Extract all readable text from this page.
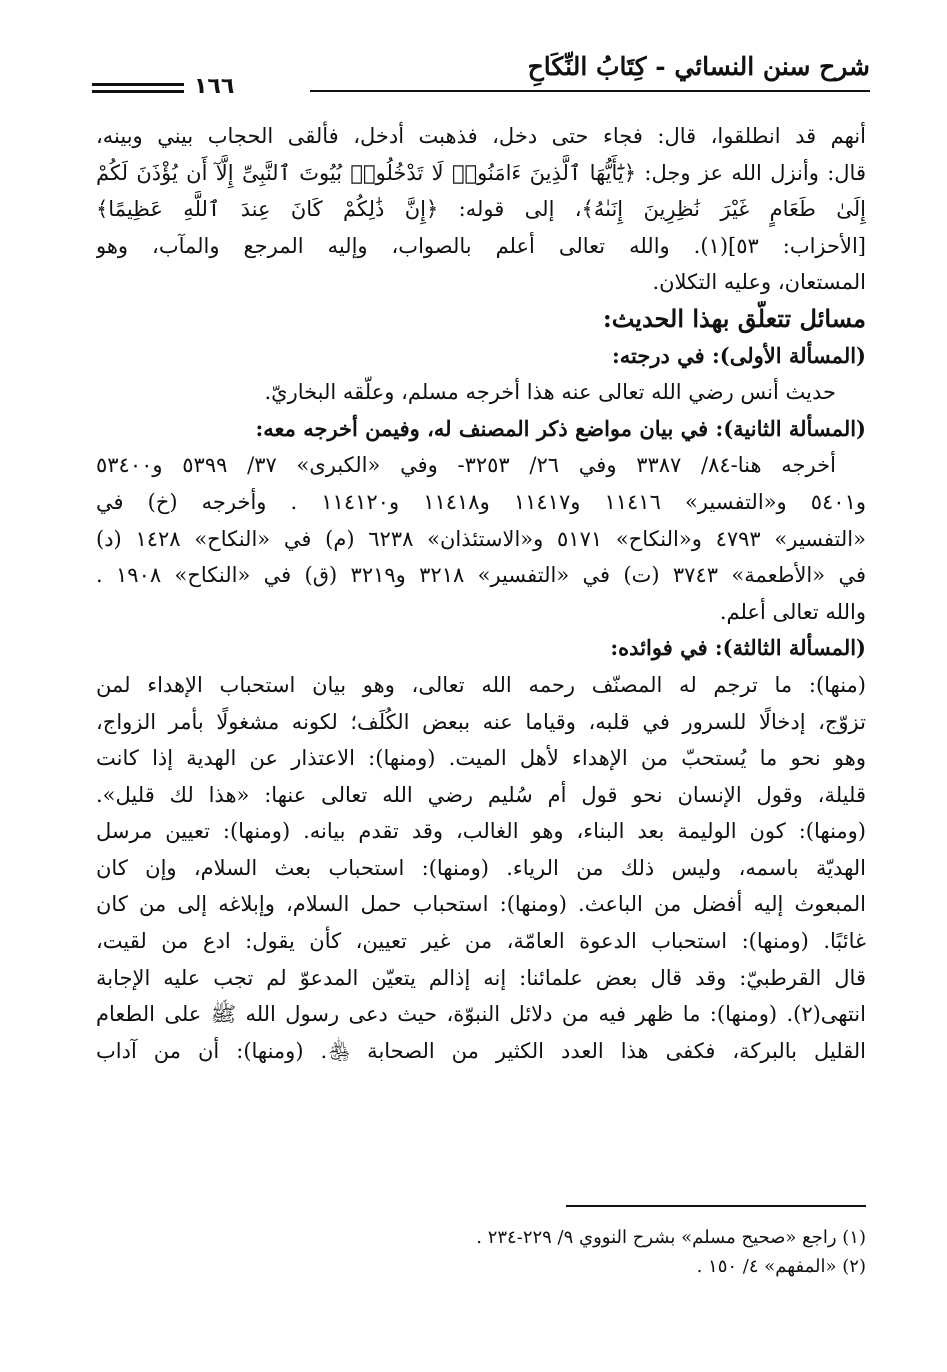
شرح سنن النسائي - كِتَابُ النِّكَاحِ
١٦٦
أنهم قد انطلقوا، قال: فجاء حتى دخل، فذهبت أدخل، فألقى الحجاب بيني وبينه،
قال: وأنزل الله عز وجل: ﴿يَٰٓأَيُّهَا ٱلَّذِينَ ءَامَنُوا۟ لَا تَدْخُلُوا۟ بُيُوتَ ٱلنَّبِىِّ إِلَّآ أَن يُؤْذَنَ لَكُمْ
إِلَىٰ طَعَامٍ غَيْرَ نَٰظِرِينَ إِنَىٰهُ﴾، إلى قوله: ﴿إِنَّ ذَٰلِكُمْ كَانَ عِندَ ٱللَّهِ عَظِيمًا﴾
[الأحزاب: ٥٣](١). والله تعالى أعلم بالصواب، وإليه المرجع والمآب، وهو
المستعان، وعليه التكلان.
مسائل تتعلّق بهذا الحديث:
(المسألة الأولى): في درجته:
حديث أنس رضي الله تعالى عنه هذا أخرجه مسلم، وعلّقه البخاريّ.
(المسألة الثانية): في بيان مواضع ذكر المصنف له، وفيمن أخرجه معه:
أخرجه هنا-٨٤/ ٣٣٨٧ وفي ٢٦/ ٣٢٥٣- وفي «الكبرى» ٣٧/ ٥٣٩٩ و٥٣٤٠٠
و٥٤٠١ و«التفسير» ١١٤١٦ و١١٤١٧ و١١٤١٨ و١١٤١٢٠ . وأخرجه (خ) في
«التفسير» ٤٧٩٣ و«النكاح» ٥١٧١ و«الاستئذان» ٦٢٣٨ (م) في «النكاح» ١٤٢٨ (د)
في «الأطعمة» ٣٧٤٣ (ت) في «التفسير» ٣٢١٨ و٣٢١٩ (ق) في «النكاح» ١٩٠٨ .
والله تعالى أعلم.
(المسألة الثالثة): في فوائده:
(منها): ما ترجم له المصنّف رحمه الله تعالى، وهو بيان استحباب الإهداء لمن
تزوّج، إدخالًا للسرور في قلبه، وقياما عنه ببعض الكُلَف؛ لكونه مشغولًا بأمر الزواج،
وهو نحو ما يُستحبّ من الإهداء لأهل الميت. (ومنها): الاعتذار عن الهدية إذا كانت
قليلة، وقول الإنسان نحو قول أم سُليم رضي الله تعالى عنها: «هذا لك قليل».
(ومنها): كون الوليمة بعد البناء، وهو الغالب، وقد تقدم بيانه. (ومنها): تعيين مرسل
الهديّة باسمه، وليس ذلك من الرياء. (ومنها): استحباب بعث السلام، وإن كان
المبعوث إليه أفضل من الباعث. (ومنها): استحباب حمل السلام، وإبلاغه إلى من كان
غائبًا. (ومنها): استحباب الدعوة العامّة، من غير تعيين، كأن يقول: ادع من لقيت،
قال القرطبيّ: وقد قال بعض علمائنا: إنه إذالم يتعيّن المدعوّ لم تجب عليه الإجابة
انتهى(٢). (ومنها): ما ظهر فيه من دلائل النبوّة، حيث دعى رسول الله ﷺ على الطعام
القليل بالبركة، فكفى هذا العدد الكثير من الصحابة ﵃. (ومنها): أن من آداب
(١) راجع «صحيح مسلم» بشرح النووي ٩/ ٢٢٩-٢٣٤ .
(٢) «المفهم» ٤/ ١٥٠ .
